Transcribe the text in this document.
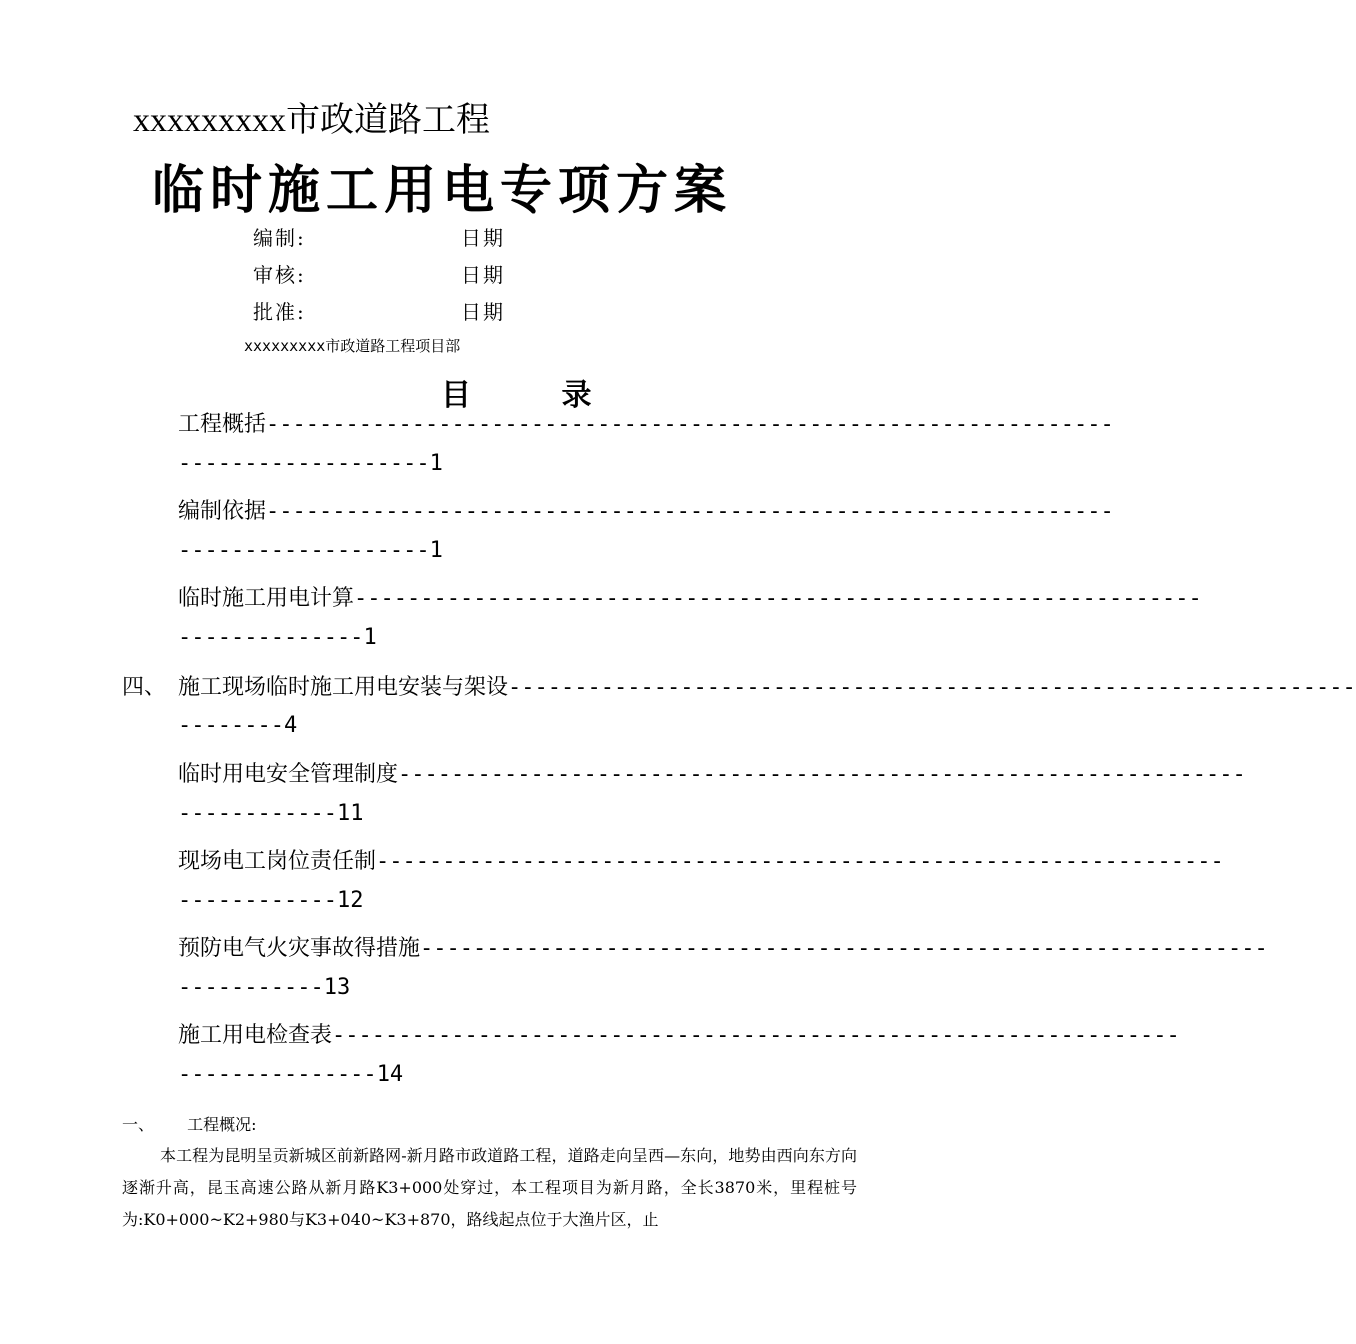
xxxxxxxxx市政道路工程
临时施工用电专项方案
编制:	日期
审核:	日期
批准:	日期
xxxxxxxxx市政道路工程项目部
目 录
工程概括----------------------------------------------------------------
-------------------1
编制依据----------------------------------------------------------------
-------------------1
临时施工用电计算----------------------------------------------------------------
--------------1
四、 施工现场临时施工用电安装与架设----------------------------------------------------------------
--------4
临时用电安全管理制度----------------------------------------------------------------
------------11
现场电工岗位责任制----------------------------------------------------------------
------------12
预防电气火灾事故得措施----------------------------------------------------------------
-----------13
施工用电检查表----------------------------------------------------------------
---------------14
一、 工程概况:
本工程为昆明呈贡新城区前新路网-新月路市政道路工程，道路走向呈西—东向，地势由西向东方向逐渐升高，昆玉高速公路从新月路K3+000处穿过，本工程项目为新月路，全长3870米，里程桩号为:K0+000~K2+980与K3+040~K3+870，路线起点位于大渔片区，止
